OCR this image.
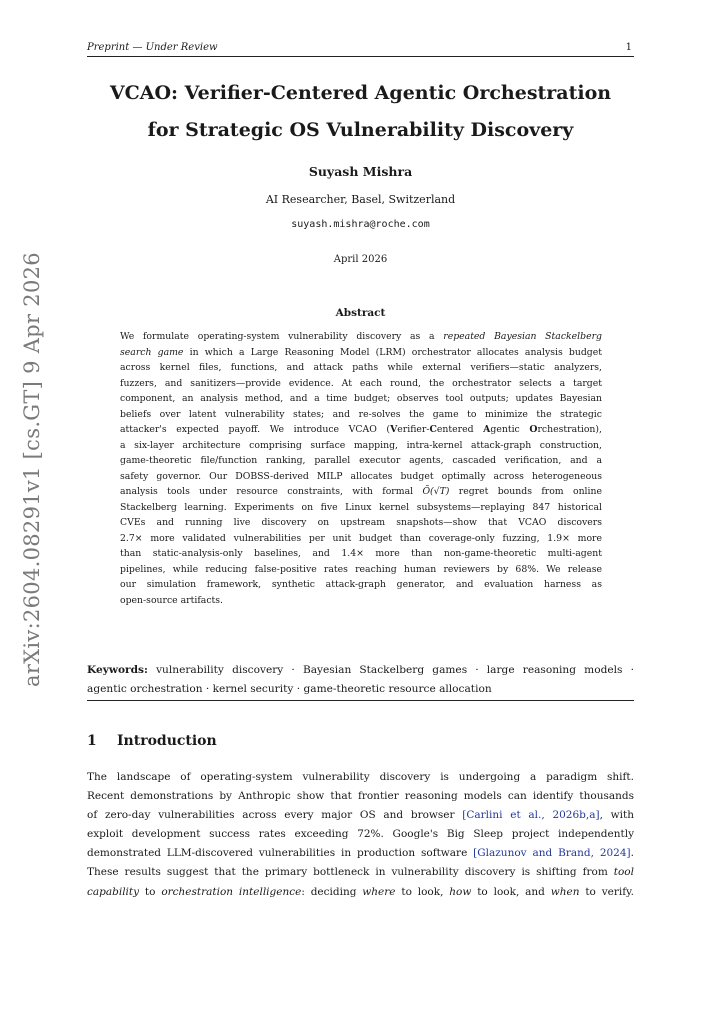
Preprint — Under Review	1
arXiv:2604.08291v1 [cs.GT] 9 Apr 2026
VCAO: Verifier-Centered Agentic Orchestration
for Strategic OS Vulnerability Discovery
Suyash Mishra
AI Researcher, Basel, Switzerland
suyash.mishra@roche.com
April 2026
Abstract
We formulate operating-system vulnerability discovery as a repeated Bayesian Stackelberg
search game in which a Large Reasoning Model (LRM) orchestrator allocates analysis budget
across kernel files, functions, and attack paths while external verifiers—static analyzers,
fuzzers, and sanitizers—provide evidence. At each round, the orchestrator selects a target
component, an analysis method, and a time budget; observes tool outputs; updates Bayesian
beliefs over latent vulnerability states; and re-solves the game to minimize the strategic
attacker's expected payoff. We introduce VCAO (Verifier-Centered Agentic Orchestration),
a six-layer architecture comprising surface mapping, intra-kernel attack-graph construction,
game-theoretic file/function ranking, parallel executor agents, cascaded verification, and a
safety governor. Our DOBSS-derived MILP allocates budget optimally across heterogeneous
analysis tools under resource constraints, with formal Õ(√T) regret bounds from online
Stackelberg learning. Experiments on five Linux kernel subsystems—replaying 847 historical
CVEs and running live discovery on upstream snapshots—show that VCAO discovers
2.7× more validated vulnerabilities per unit budget than coverage-only fuzzing, 1.9× more
than static-analysis-only baselines, and 1.4× more than non-game-theoretic multi-agent
pipelines, while reducing false-positive rates reaching human reviewers by 68%. We release
our simulation framework, synthetic attack-graph generator, and evaluation harness as
open-source artifacts.
Keywords: vulnerability discovery · Bayesian Stackelberg games · large reasoning models ·
agentic orchestration · kernel security · game-theoretic resource allocation
1 Introduction
The landscape of operating-system vulnerability discovery is undergoing a paradigm shift.
Recent demonstrations by Anthropic show that frontier reasoning models can identify thousands
of zero-day vulnerabilities across every major OS and browser [Carlini et al., 2026b,a], with
exploit development success rates exceeding 72%. Google's Big Sleep project independently
demonstrated LLM-discovered vulnerabilities in production software [Glazunov and Brand, 2024].
These results suggest that the primary bottleneck in vulnerability discovery is shifting from tool
capability to orchestration intelligence: deciding where to look, how to look, and when to verify.
